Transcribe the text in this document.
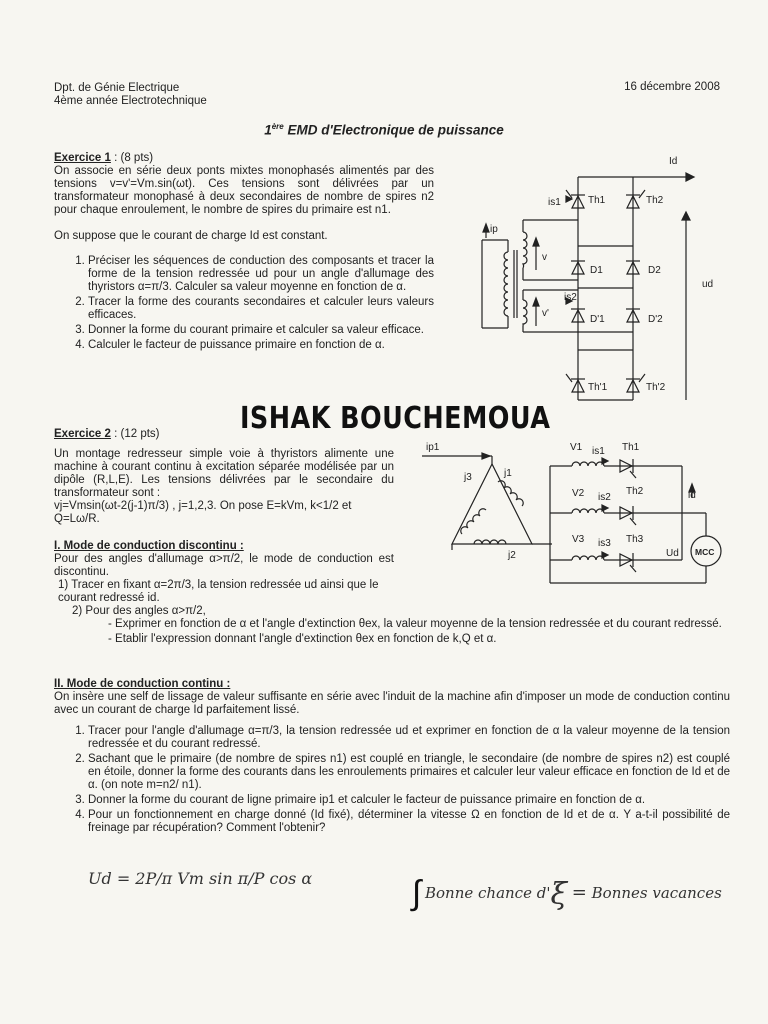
Dpt. de Génie Electrique
4ème année Electrotechnique
16 décembre 2008
1ère EMD d'Electronique de puissance
Exercice 1 : (8 pts)
On associe en série deux ponts mixtes monophasés alimentés par des tensions v=v'=Vm.sin(ωt). Ces tensions sont délivrées par un transformateur monophasé à deux secondaires de nombre de spires n2 pour chaque enroulement, le nombre de spires du primaire est n1.
On suppose que le courant de charge Id est constant.
1. Préciser les séquences de conduction des composants et tracer la forme de la tension redressée ud pour un angle d'allumage des thyristors α=π/3. Calculer sa valeur moyenne en fonction de α.
2. Tracer la forme des courants secondaires et calculer leurs valeurs efficaces.
3. Donner la forme du courant primaire et calculer sa valeur efficace.
4. Calculer le facteur de puissance primaire en fonction de α.
Id
is1
is2
ip
v
v'
ud
Th1	Th2
D1	D2
D'1	D'2
Th'1	Th'2
ISHAK BOUCHEMOUA
Exercice 2 : (12 pts)
Un montage redresseur simple voie à thyristors alimente une machine à courant continu à excitation séparée modélisée par un dipôle (R,L,E). Les tensions délivrées par le secondaire du transformateur sont :
vj=Vmsin(ωt-2(j-1)π/3) , j=1,2,3. On pose E=kVm, k<1/2 et Q=Lω/R.
I. Mode de conduction discontinu :
Pour des angles d'allumage α>π/2, le mode de conduction est discontinu.
1) Tracer en fixant α=2π/3, la tension redressée ud ainsi que le courant redressé id.
2) Pour des angles α>π/2,
- Exprimer en fonction de α et l'angle d'extinction θex, la valeur moyenne de la tension redressée et du courant redressé.
- Etablir l'expression donnant l'angle d'extinction θex en fonction de k,Q et α.
II. Mode de conduction continu :
On insère une self de lissage de valeur suffisante en série avec l'induit de la machine afin d'imposer un mode de conduction continu avec un courant de charge Id parfaitement lissé.
1. Tracer pour l'angle d'allumage α=π/3, la tension redressée ud et exprimer en fonction de α la valeur moyenne de la tension redressée et du courant redressé.
2. Sachant que le primaire (de nombre de spires n1) est couplé en triangle, le secondaire (de nombre de spires n2) est couplé en étoile, donner la forme des courants dans les enroulements primaires et calculer leur valeur efficace en fonction de Id et de α. (on note m=n2/ n1).
3. Donner la forme du courant de ligne primaire ip1 et calculer le facteur de puissance primaire en fonction de α.
4. Pour un fonctionnement en charge donné (Id fixé), déterminer la vitesse Ω en fonction de Id et de α. Y a-t-il possibilité de freinage par récupération? Comment l'obtenir?
ip1
j1
j2
j3
V1
V2
V3
is1
is2
is3
Th1
Th2
Th3
id
Ud MCC
Ud = 2P/π Vm sin π/P cos α	∫ Bonne chance d'ξ = Bonnes vacances
